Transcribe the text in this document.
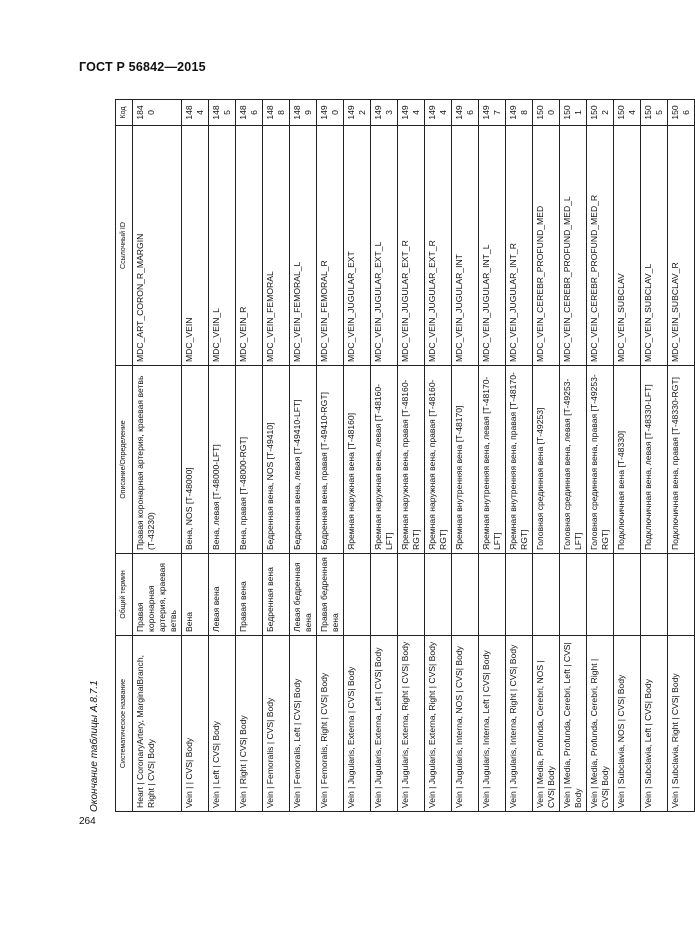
ГОСТ Р 56842—2015
264
Окончание таблицы А.8.7.1	Систематическое название	Общий термин	Описание/Определение	Ссылочный ID	Код
Heart | CoronaryArtery, MarginalBranch, Right | CVS| Body	Правая коронарная артерия, краевая ветвь	Правая коронарная артерия, краевая ветвь (Т-43230)	MDC_ART_CORON_R_MARGIN	1840
Vein | | CVS| Body	Вена	Вена, NOS [Т-48000]	MDC_VEIN	1484
Vein | Left | CVS| Body	Левая вена	Вена, левая [Т-48000-LFT]	MDC_VEIN_L	1485
Vein | Right | CVS| Body	Правая вена	Вена, правая [Т-48000-RGT]	MDC_VEIN_R	1486
Vein | Femoralis | CVS| Body	Бедренная вена	Бедренная вена, NOS [Т-49410]	MDC_VEIN_FEMORAL	1488
Vein | Femoralis, Left | CVS| Body	Левая бедренная вена	Бедренная вена, левая [Т-49410-LFT]	MDC_VEIN_FEMORAL_L	1489
Vein | Femoralis, Right | CVS| Body	Правая бедренная вена	Бедренная вена, правая [Т-49410-RGT]	MDC_VEIN_FEMORAL_R	1490
Vein | Jugularis, Externa | CVS| Body		Яремная наружная вена [Т-48160]	MDC_VEIN_JUGULAR_EXT	1492
Vein | Jugularis, Externa, Left | CVS| Body		Яремная наружная вена, левая [Т-48160-LFT]	MDC_VEIN_JUGULAR_EXT_L	1493
Vein | Jugularis, Externa, Right | CVS| Body		Яремная наружная вена, правая [Т-48160-RGT]	MDC_VEIN_JUGULAR_EXT_R	1494
Vein | Jugularis, Externa, Right | CVS| Body		Яремная наружная вена, правая [Т-48160-RGT]	MDC_VEIN_JUGULAR_EXT_R	1494
Vein | Jugularis, Interna, NOS | CVS| Body		Яремная внутренняя вена [Т-48170]	MDC_VEIN_JUGULAR_INT	1496
Vein | Jugularis, Interna, Left | CVS| Body		Яремная внутренняя вена, левая [Т-48170-LFT]	MDC_VEIN_JUGULAR_INT_L	1497
Vein | Jugularis, Interna, Right | CVS| Body		Яремная внутренняя вена, правая [Т-48170-RGT]	MDC_VEIN_JUGULAR_INT_R	1498
Vein | Media, Profunda, Cerebri, NOS | CVS| Body		Головная срединная вена [Т-49253]	MDC_VEIN_CEREBR_PROFUND_MED	1500
Vein | Media, Profunda, Cerebri, Left | CVS| Body		Головная срединная вена, левая [Т-49253-LFT]	MDC_VEIN_CEREBR_PROFUND_MED_L	1501
Vein | Media, Profunda, Cerebri, Right | CVS| Body		Головная срединная вена, правая [Т-49253-RGT]	MDC_VEIN_CEREBR_PROFUND_MED_R	1502
Vein | Subclavia, NOS | CVS| Body		Подключичная вена [Т-48330]	MDC_VEIN_SUBCLAV	1504
Vein | Subclavia, Left | CVS| Body		Подключичная вена, левая [Т-48330-LFT]	MDC_VEIN_SUBCLAV_L	1505
Vein | Subclavia, Right | CVS| Body		Подключичная вена, правая [Т-48330-RGT]	MDC_VEIN_SUBCLAV_R	1506
